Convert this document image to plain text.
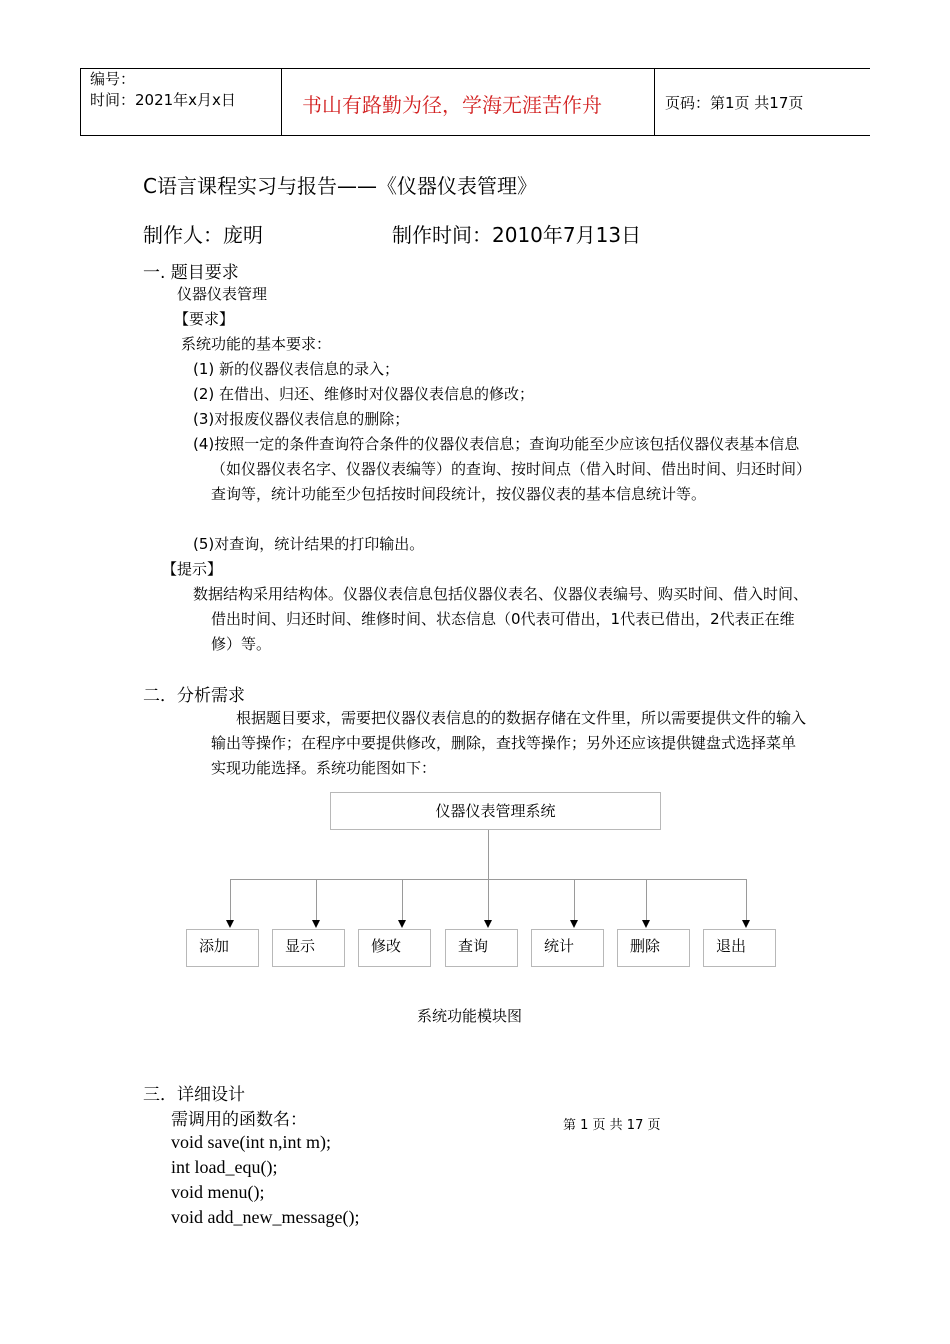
编号：
时间：2021年x月x日	书山有路勤为径，学海无涯苦作舟	页码：第1页 共17页
C语言课程实习与报告——《仪器仪表管理》
制作人：庞明	制作时间：2010年7月13日
一. 题目要求
仪器仪表管理
【要求】
系统功能的基本要求：
(1) 新的仪器仪表信息的录入；
(2) 在借出、归还、维修时对仪器仪表信息的修改；
(3)对报废仪器仪表信息的删除；
(4)按照一定的条件查询符合条件的仪器仪表信息；查询功能至少应该包括仪器仪表基本信息（如仪器仪表名字、仪器仪表编等）的查询、按时间点（借入时间、借出时间、归还时间）查询等，统计功能至少包括按时间段统计，按仪器仪表的基本信息统计等。
(5)对查询，统计结果的打印输出。
【提示】
数据结构采用结构体。仪器仪表信息包括仪器仪表名、仪器仪表编号、购买时间、借入时间、借出时间、归还时间、维修时间、状态信息（0代表可借出，1代表已借出，2代表正在维修）等。
二．分析需求
根据题目要求，需要把仪器仪表信息的的数据存储在文件里，所以需要提供文件的输入输出等操作；在程序中要提供修改，删除，查找等操作；另外还应该提供键盘式选择菜单实现功能选择。系统功能图如下：
仪器仪表管理系统
添加	显示	修改	查询	统计	删除	退出
系统功能模块图
三．详细设计
需调用的函数名：
void save(int n,int m);
int load_equ();
void menu();
void add_new_message();
第 1 页 共 17 页
